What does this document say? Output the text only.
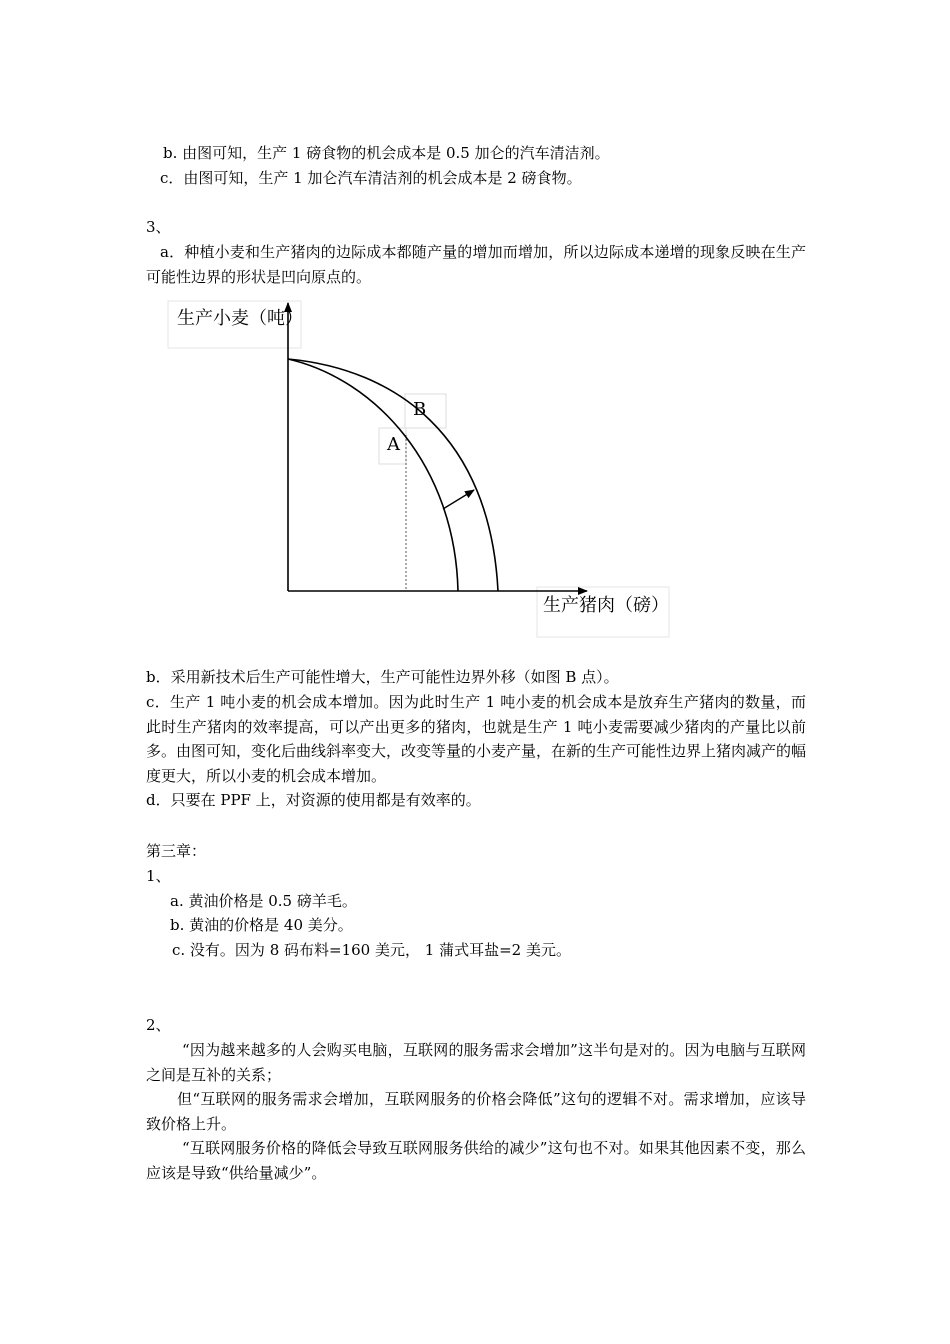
b. 由图可知，生产 1 磅食物的机会成本是 0.5 加仑的汽车清洁剂。
c．由图可知，生产 1 加仑汽车清洁剂的机会成本是 2 磅食物。
3、
a．种植小麦和生产猪肉的边际成本都随产量的增加而增加，所以边际成本递增的现象反映在生产可能性边界的形状是凹向原点的。
生产小麦（吨）
生产猪肉（磅）
B
A
b．采用新技术后生产可能性增大，生产可能性边界外移（如图 B 点）。
c．生产 1 吨小麦的机会成本增加。因为此时生产 1 吨小麦的机会成本是放弃生产猪肉的数量，而此时生产猪肉的效率提高，可以产出更多的猪肉，也就是生产 1 吨小麦需要减少猪肉的产量比以前多。由图可知，变化后曲线斜率变大，改变等量的小麦产量，在新的生产可能性边界上猪肉减产的幅度更大，所以小麦的机会成本增加。
d．只要在 PPF 上，对资源的使用都是有效率的。
第三章：
1、
a. 黄油价格是 0.5 磅羊毛。
b. 黄油的价格是 40 美分。
c. 没有。因为 8 码布料=160 美元， 1 蒲式耳盐=2 美元。
2、
“因为越来越多的人会购买电脑，互联网的服务需求会增加”这半句是对的。因为电脑与互联网之间是互补的关系；
但“互联网的服务需求会增加，互联网服务的价格会降低”这句的逻辑不对。需求增加，应该导致价格上升。
“互联网服务价格的降低会导致互联网服务供给的减少”这句也不对。如果其他因素不变，那么应该是导致“供给量减少”。
